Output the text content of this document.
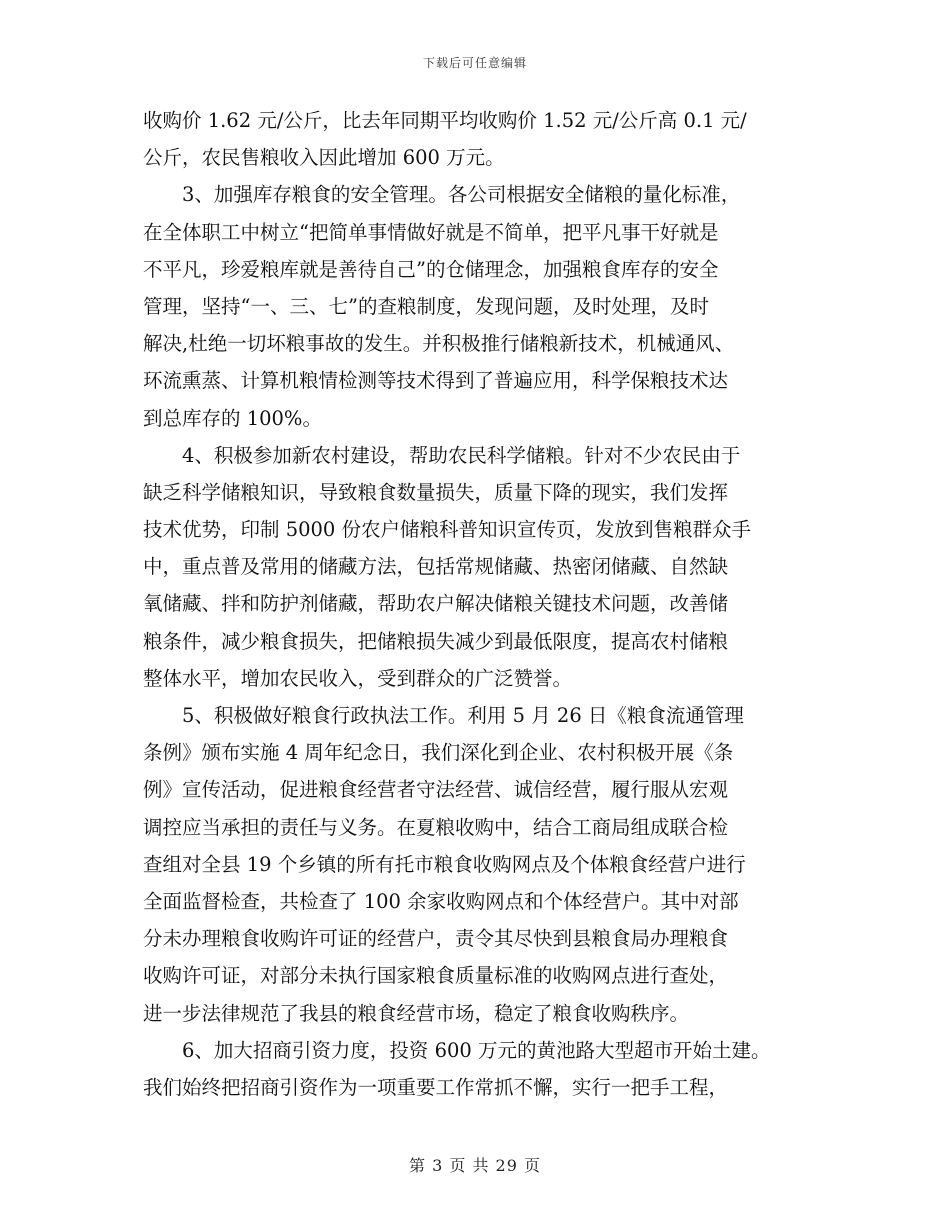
下载后可任意编辑
收购价 1.62 元/公斤，比去年同期平均收购价 1.52 元/公斤高 0.1 元/
公斤，农民售粮收入因此增加 600 万元。
3、加强库存粮食的安全管理。各公司根据安全储粮的量化标准，
在全体职工中树立“把简单事情做好就是不简单，把平凡事干好就是
不平凡，珍爱粮库就是善待自己”的仓储理念，加强粮食库存的安全
管理，坚持“一、三、七”的查粮制度，发现问题，及时处理，及时
解决,杜绝一切坏粮事故的发生。并积极推行储粮新技术，机械通风、
环流熏蒸、计算机粮情检测等技术得到了普遍应用，科学保粮技术达
到总库存的 100%。
4、积极参加新农村建设，帮助农民科学储粮。针对不少农民由于
缺乏科学储粮知识，导致粮食数量损失，质量下降的现实，我们发挥
技术优势，印制 5000 份农户储粮科普知识宣传页，发放到售粮群众手
中，重点普及常用的储藏方法，包括常规储藏、热密闭储藏、自然缺
氧储藏、拌和防护剂储藏，帮助农户解决储粮关键技术问题，改善储
粮条件，减少粮食损失，把储粮损失减少到最低限度，提高农村储粮
整体水平，增加农民收入，受到群众的广泛赞誉。
5、积极做好粮食行政执法工作。利用 5 月 26 日《粮食流通管理
条例》颁布实施 4 周年纪念日，我们深化到企业、农村积极开展《条
例》宣传活动，促进粮食经营者守法经营、诚信经营，履行服从宏观
调控应当承担的责任与义务。在夏粮收购中，结合工商局组成联合检
查组对全县 19 个乡镇的所有托市粮食收购网点及个体粮食经营户进行
全面监督检查，共检查了 100 余家收购网点和个体经营户。其中对部
分未办理粮食收购许可证的经营户，责令其尽快到县粮食局办理粮食
收购许可证，对部分未执行国家粮食质量标准的收购网点进行查处，
进一步法律规范了我县的粮食经营市场，稳定了粮食收购秩序。
6、加大招商引资力度，投资 600 万元的黄池路大型超市开始土建。
我们始终把招商引资作为一项重要工作常抓不懈，实行一把手工程，
第 3 页 共 29 页
